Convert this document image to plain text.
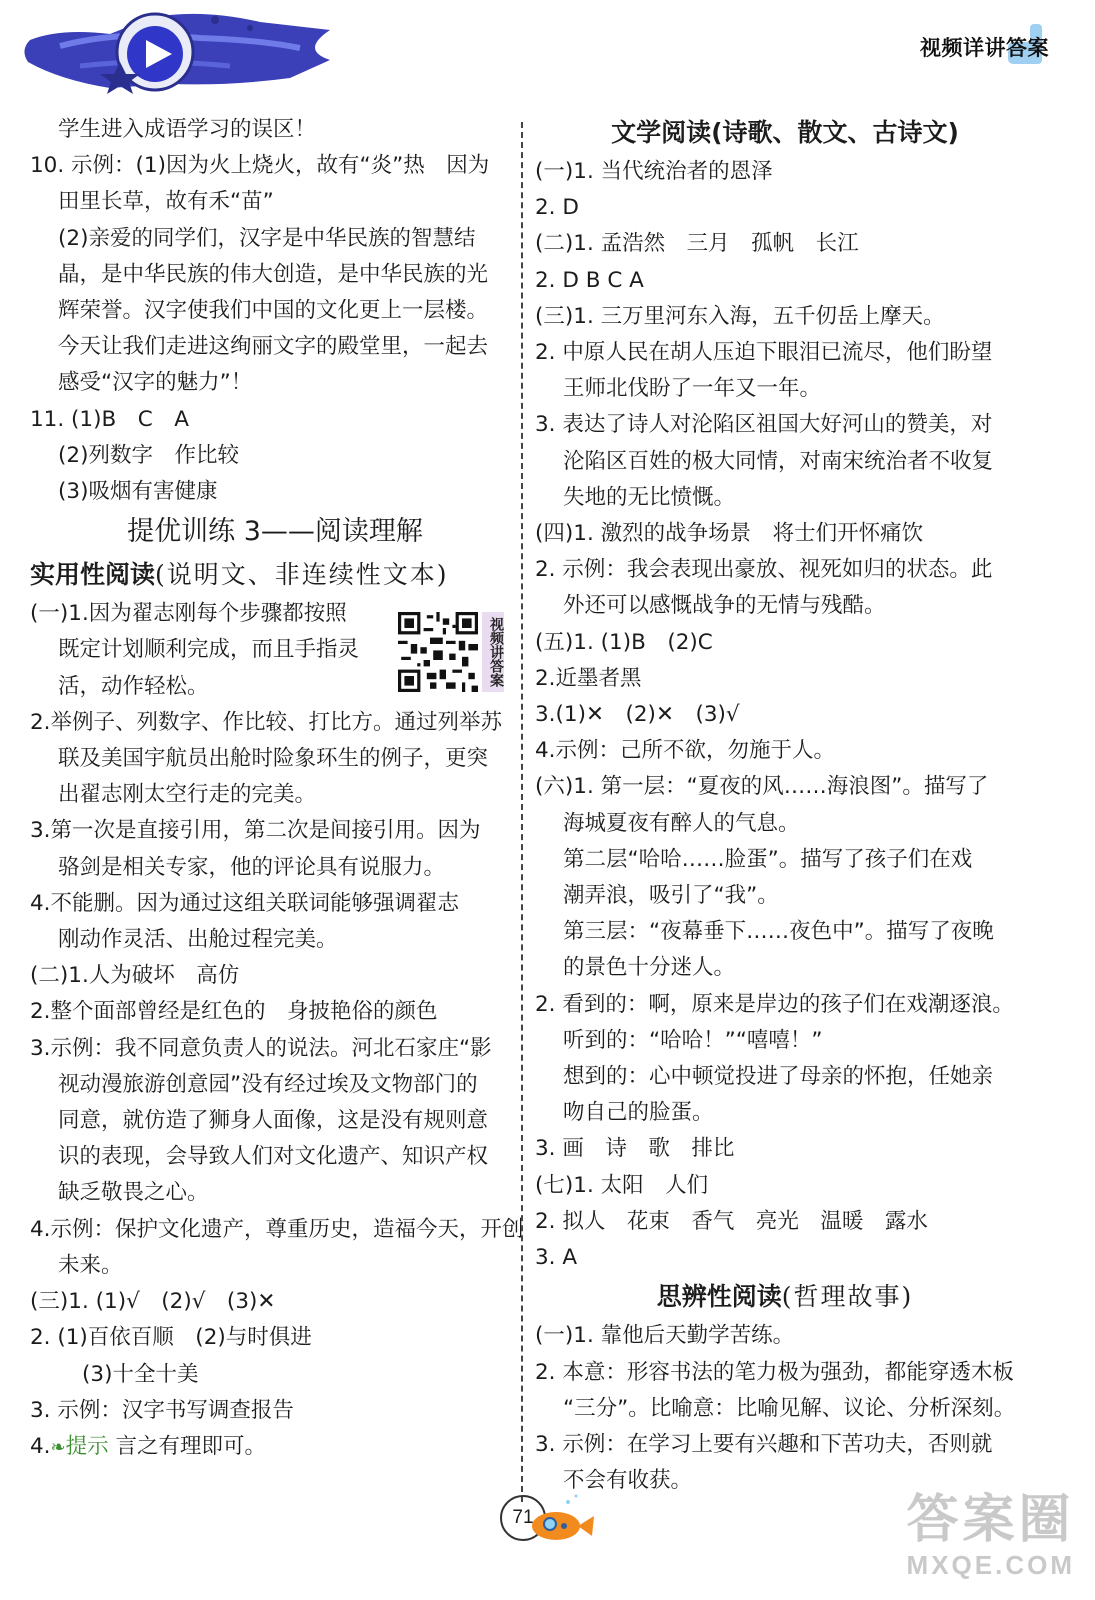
视频详讲答案
学生进入成语学习的误区！
10. 示例：(1)因为火上烧火，故有“炎”热　因为
田里长草，故有禾“苗”
(2)亲爱的同学们，汉字是中华民族的智慧结
晶，是中华民族的伟大创造，是中华民族的光
辉荣誉。汉字使我们中国的文化更上一层楼。
今天让我们走进这绚丽文字的殿堂里，一起去
感受“汉字的魅力”！
11. (1)B　C　A
(2)列数字　作比较
(3)吸烟有害健康
提优训练 3——阅读理解
实用性阅读(说明文、非连续性文本)
(一)1.因为翟志刚每个步骤都按照
既定计划顺利完成，而且手指灵
活，动作轻松。
2.举例子、列数字、作比较、打比方。通过列举苏
联及美国宇航员出舱时险象环生的例子，更突
出翟志刚太空行走的完美。
3.第一次是直接引用，第二次是间接引用。因为
骆剑是相关专家，他的评论具有说服力。
4.不能删。因为通过这组关联词能够强调翟志
刚动作灵活、出舱过程完美。
(二)1.人为破坏　高仿
2.整个面部曾经是红色的　身披艳俗的颜色
3.示例：我不同意负责人的说法。河北石家庄“影
视动漫旅游创意园”没有经过埃及文物部门的
同意，就仿造了狮身人面像，这是没有规则意
识的表现，会导致人们对文化遗产、知识产权
缺乏敬畏之心。
4.示例：保护文化遗产，尊重历史，造福今天，开创
未来。
(三)1. (1)√　(2)√　(3)✕
2. (1)百依百顺　(2)与时俱进
(3)十全十美
3. 示例：汉字书写调查报告
4.❧提示 言之有理即可。
视频讲答案
文学阅读(诗歌、散文、古诗文)
(一)1. 当代统治者的恩泽
2. D
(二)1. 孟浩然　三月　孤帆　长江
2. D B C A
(三)1. 三万里河东入海，五千仞岳上摩天。
2. 中原人民在胡人压迫下眼泪已流尽，他们盼望
王师北伐盼了一年又一年。
3. 表达了诗人对沦陷区祖国大好河山的赞美，对
沦陷区百姓的极大同情，对南宋统治者不收复
失地的无比愤慨。
(四)1. 激烈的战争场景　将士们开怀痛饮
2. 示例：我会表现出豪放、视死如归的状态。此
外还可以感慨战争的无情与残酷。
(五)1. (1)B　(2)C
2.近墨者黑
3.(1)✕　(2)✕　(3)√
4.示例：己所不欲，勿施于人。
(六)1. 第一层：“夏夜的风……海浪图”。描写了
海城夏夜有醉人的气息。
第二层“哈哈……脸蛋”。描写了孩子们在戏
潮弄浪，吸引了“我”。
第三层：“夜幕垂下……夜色中”。描写了夜晚
的景色十分迷人。
2. 看到的：啊，原来是岸边的孩子们在戏潮逐浪。
听到的：“哈哈！”“嘻嘻！”
想到的：心中顿觉投进了母亲的怀抱，任她亲
吻自己的脸蛋。
3. 画　诗　歌　排比
(七)1. 太阳　人们
2. 拟人　花束　香气　亮光　温暖　露水
3. A
思辨性阅读(哲理故事)
(一)1. 靠他后天勤学苦练。
2. 本意：形容书法的笔力极为强劲，都能穿透木板
“三分”。比喻意：比喻见解、议论、分析深刻。
3. 示例：在学习上要有兴趣和下苦功夫，否则就
不会有收获。
71	答案圈
MXQE.COM
